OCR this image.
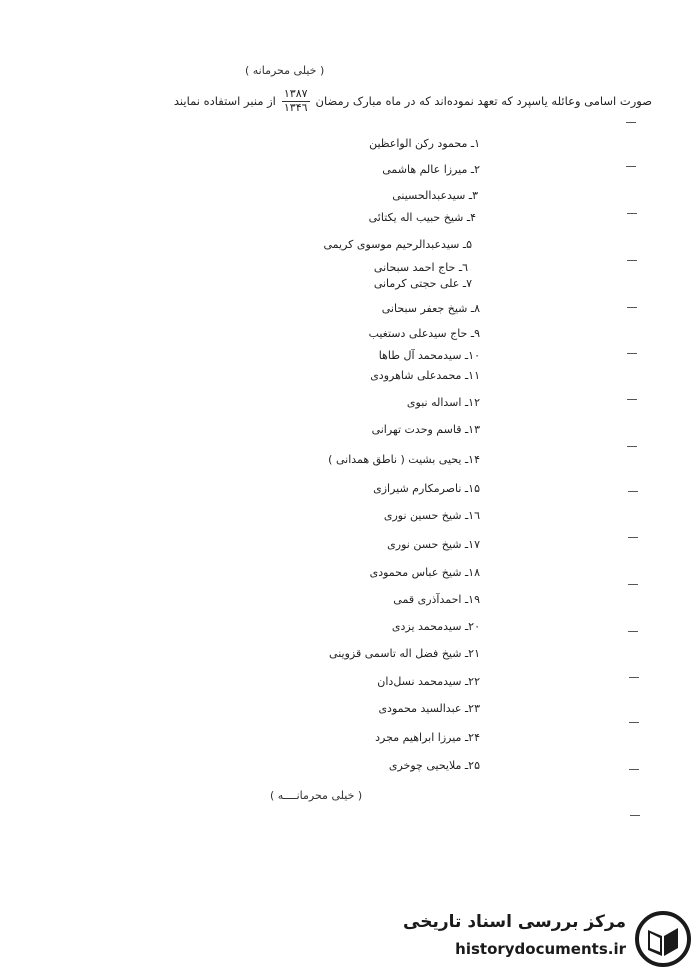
( خیلی محرمانه )
صورت اسامی وعائله یاسپرد که تعهد نموده‌اند که در ماه مبارک رمضان
$\frac{۱۳۸۷}{۱۳۴٦}$
از منبر استفاده نمایند
۱ـ محمود رکن الواعظین
۲ـ میرزا عالم هاشمی
۳ـ سیدعبدالحسینی
۴ـ شیخ حبیب اله یکتائی
۵ـ سیدعبدالرحیم موسوی کریمی
٦ـ حاج احمد سبحانی
۷ـ علی حجتی کرمانی
۸ـ شیخ جعفر سبحانی
۹ـ حاج سیدعلی دستغیب
۱۰ـ سیدمحمد آل طاها
۱۱ـ محمدعلی شاهرودی
۱۲ـ اسداله نبوی
۱۳ـ قاسم وحدت تهرانی
۱۴ـ یحیی بشیت ( ناطق همدانی )
۱۵ـ ناصرمکارم شیرازی
۱٦ـ شیخ حسین نوری
۱۷ـ شیخ حسن نوری
۱۸ـ شیخ عباس محمودی
۱۹ـ احمدآذری قمی
۲۰ـ سیدمحمد یزدی
۲۱ـ شیخ فضل اله تاسمی قزوینی
۲۲ـ سیدمحمد نسل‌دان
۲۳ـ عبدالسید محمودی
۲۴ـ میرزا ابراهیم مجرد
۲۵ـ ملایحیی چوخری
( خیلی محرمانــــه )
مرکز بررسی اسناد تاریخی
historydocuments.ir
